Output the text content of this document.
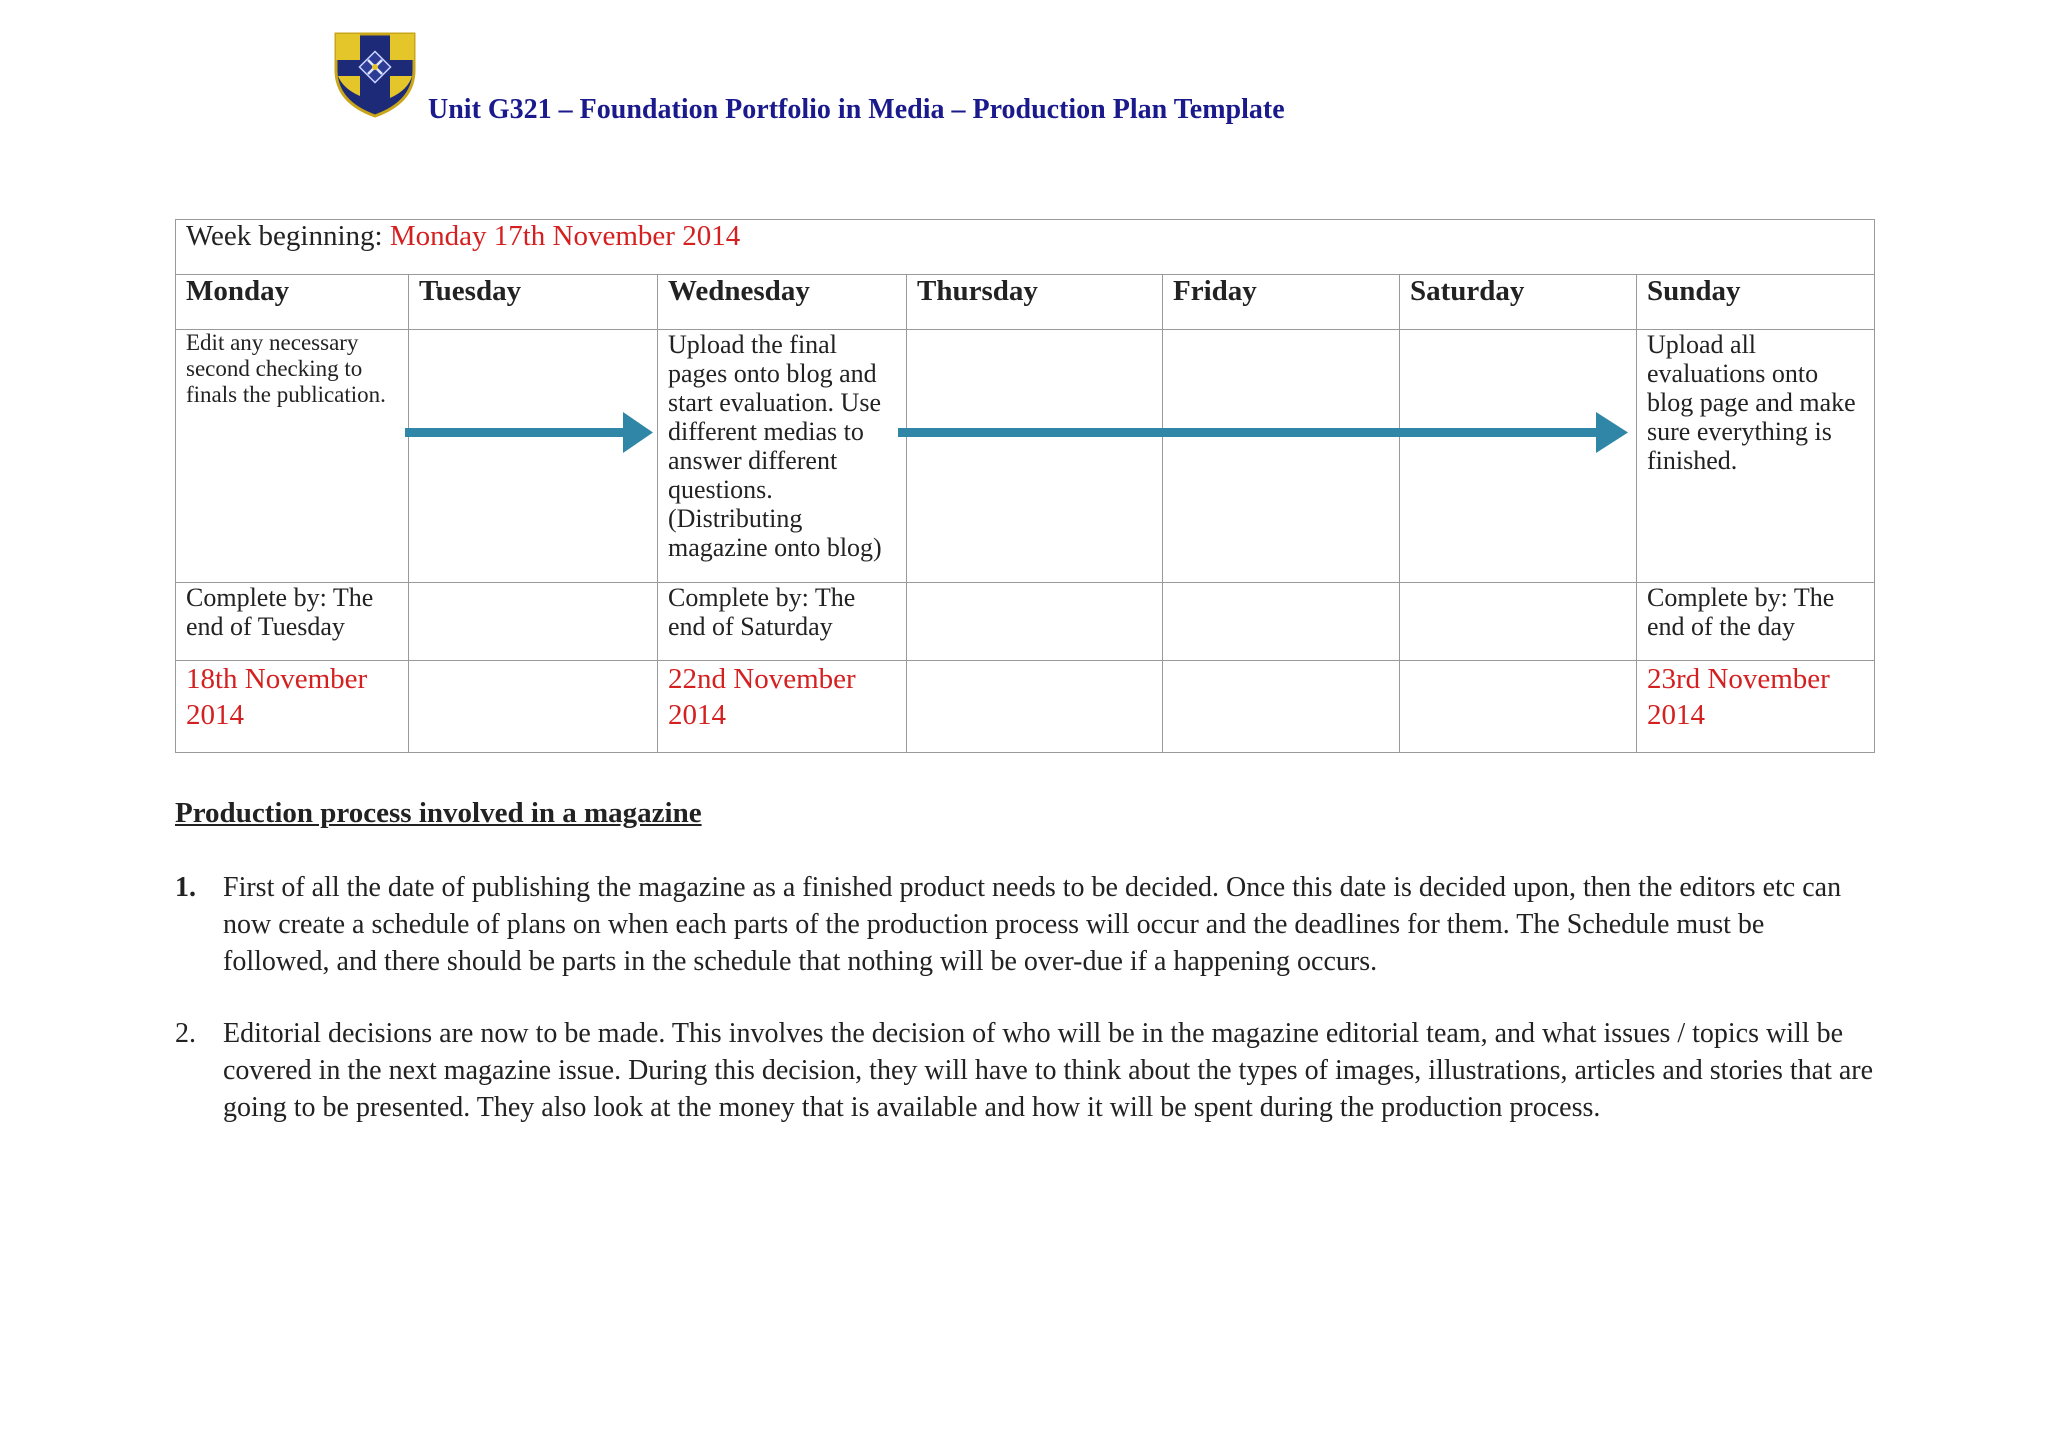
Unit G321 – Foundation Portfolio in Media – Production Plan Template
Week beginning: Monday 17th November 2014						
Monday	Tuesday	Wednesday	Thursday	Friday	Saturday	Sunday
Edit any necessary second checking to finals the publication.		Upload the final pages onto blog and start evaluation. Use different medias to answer different questions. (Distributing magazine onto blog)				Upload all evaluations onto blog page and make sure everything is finished.
Complete by: The end of Tuesday		Complete by: The end of Saturday				Complete by: The end of the day
18th November 2014		22nd November 2014				23rd November 2014
Production process involved in a magazine
1. First of all the date of publishing the magazine as a finished product needs to be decided. Once this date is decided upon, then the editors etc can now create a schedule of plans on when each parts of the production process will occur and the deadlines for them. The Schedule must be followed, and there should be parts in the schedule that nothing will be over-due if a happening occurs.
2. Editorial decisions are now to be made. This involves the decision of who will be in the magazine editorial team, and what issues / topics will be covered in the next magazine issue. During this decision, they will have to think about the types of images, illustrations, articles and stories that are going to be presented. They also look at the money that is available and how it will be spent during the production process.
